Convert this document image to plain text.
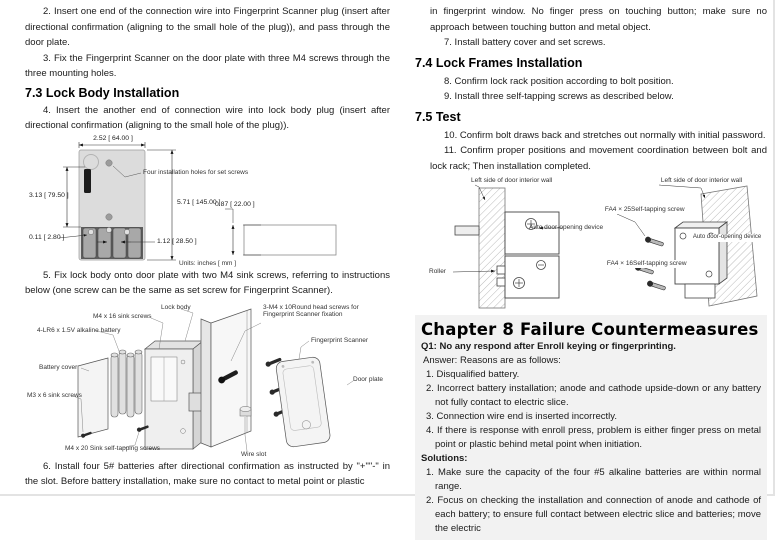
2. Insert one end of the connection wire into Fingerprint Scanner plug (insert after directional confirmation (aligning to the small hole of the plug)), and pass through the door plate.

3. Fix the Fingerprint Scanner on the door plate with three M4 screws through the three mounting holes.

7.3 Lock Body Installation

4. Insert the another end of connection wire into lock body plug (insert after directional confirmation (aligning to the small hole of the plug)).

2.52 [ 64.00 ]
Four installation holes for set screws
3.13 [ 79.50 ]
5.71 [ 145.00 ]
0.11 [ 2.80 ]
1.12 [ 28.50 ]
0.87 [ 22.00 ]
Units: inches [ mm ]

5. Fix lock body onto door plate with two M4 sink screws, referring to instructions below (one screw can be the same as set screw for Fingerprint Scanner).

Lock body
M4 x 16 sink screws
4-LR6 x 1.5V alkaline battery
Battery cover
M3 x 6 sink screws
M4 x 20 Sink self-tapping screws
3-M4 x 10Round head screws for Fingerprint Scanner fixation
Fingerprint Scanner
Door plate
Wire slot

6. Install four 5# batteries after directional confirmation as instructed by "+""-" in the slot. Before battery installation, make sure no contact to metal point or plastic

in fingerprint window. No finger press on touching button; make sure no approach between touching button and metal object.

7. Install battery cover and set screws.

7.4 Lock Frames Installation

8. Confirm lock rack position according to bolt position.

9. Install three self-tapping screws as described below.

7.5 Test

10. Confirm bolt draws back and stretches out normally with initial password.

11. Confirm proper positions and movement coordination between bolt and lock rack; Then installation completed.

Left side of door interior wall
Auto door-opening device
Roller
Left side of door interior wall
FA4 × 25Self-tapping screw
Auto door-opening device
FA4 × 16Self-tapping screw
Chapter 8 Failure Countermeasures

Q1: No any respond after Enroll keying or fingerprinting.

Answer: Reasons are as follows:

1. Disqualified battery.

2. Incorrect battery installation; anode and cathode upside-down or any battery not fully contact to electric slice.

3. Connection wire end is inserted incorrectly.

4. If there is response with enroll press, problem is either finger press on metal point or plastic behind metal point when initiation.

Solutions:

1. Make sure the capacity of the four #5 alkaline batteries are within normal range.

2. Focus on checking the installation and connection of anode and cathode of each battery; to ensure full contact between electric slice and batteries; move the electric
